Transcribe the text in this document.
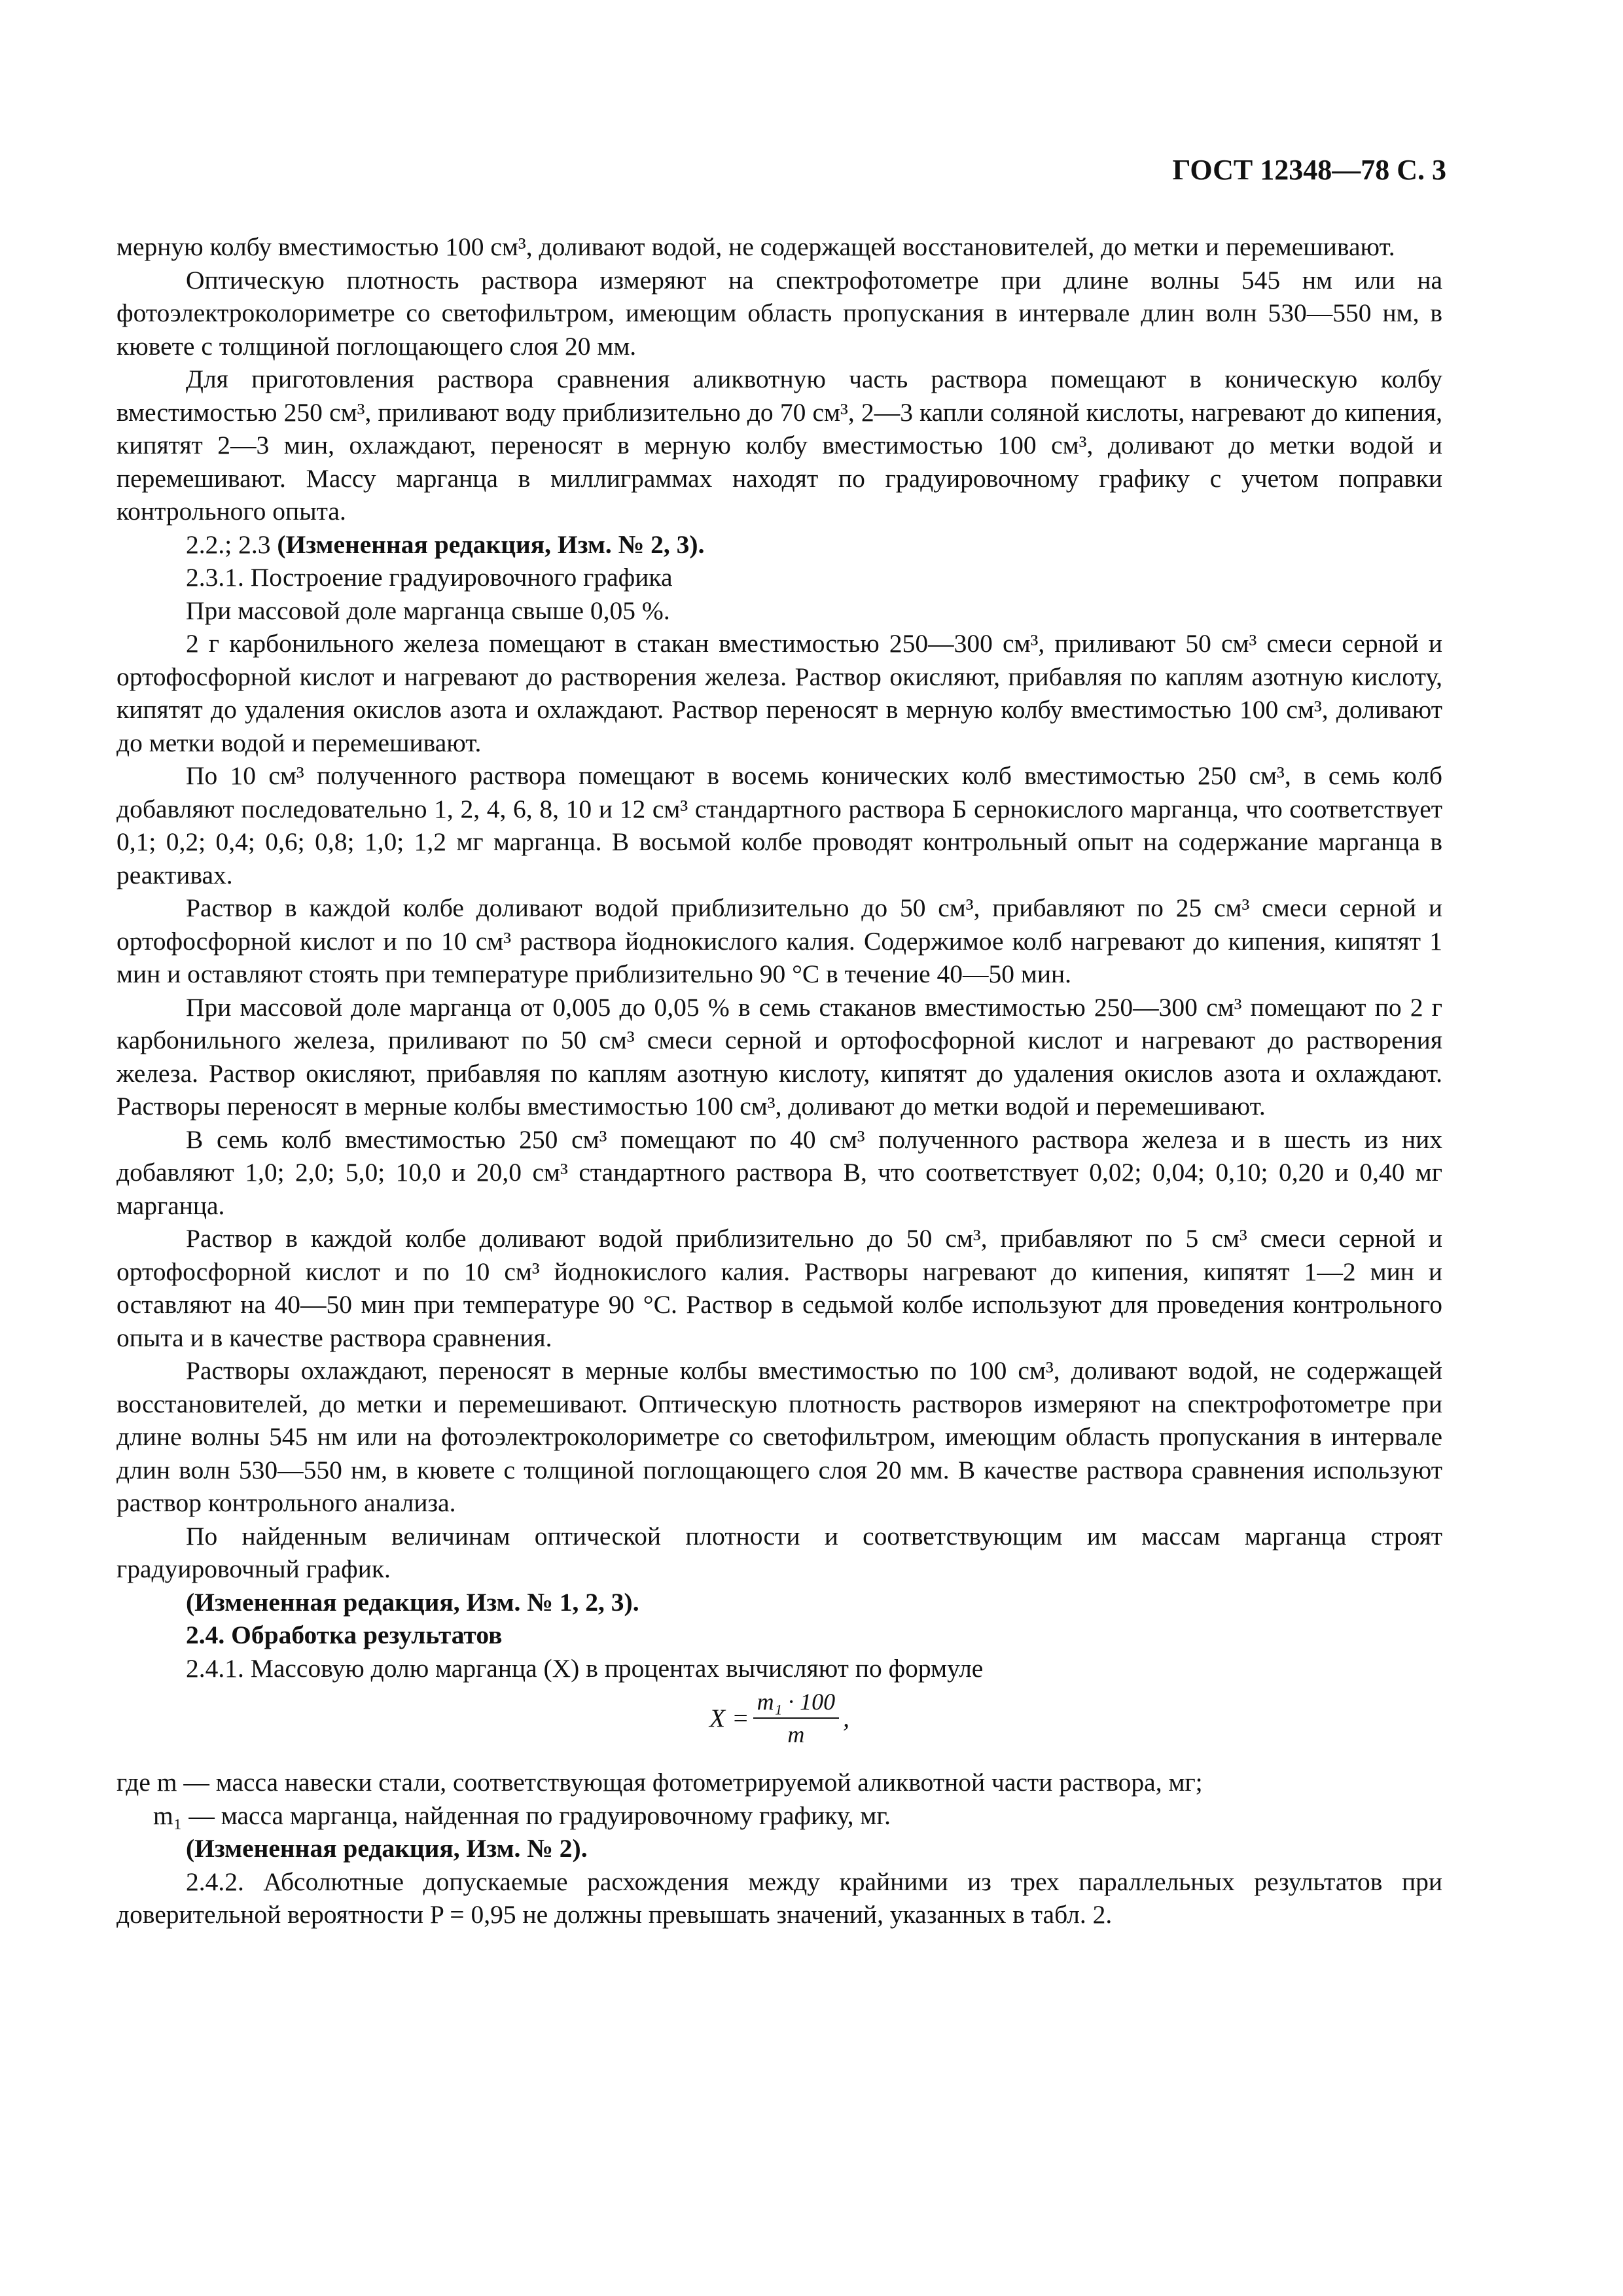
ГОСТ 12348—78 С. 3

мерную колбу вместимостью 100 см³, доливают водой, не содержащей восстановителей, до метки и перемешивают.

Оптическую плотность раствора измеряют на спектрофотометре при длине волны 545 нм или на фотоэлектроколориметре со светофильтром, имеющим область пропускания в интервале длин волн 530—550 нм, в кювете с толщиной поглощающего слоя 20 мм.

Для приготовления раствора сравнения аликвотную часть раствора помещают в коническую колбу вместимостью 250 см³, приливают воду приблизительно до 70 см³, 2—3 капли соляной кислоты, нагревают до кипения, кипятят 2—3 мин, охлаждают, переносят в мерную колбу вместимостью 100 см³, доливают до метки водой и перемешивают. Массу марганца в миллиграммах находят по градуировочному графику с учетом поправки контрольного опыта.

2.2.; 2.3 (Измененная редакция, Изм. № 2, 3).

2.3.1. Построение градуировочного графика

При массовой доле марганца свыше 0,05 %.

2 г карбонильного железа помещают в стакан вместимостью 250—300 см³, приливают 50 см³ смеси серной и ортофосфорной кислот и нагревают до растворения железа. Раствор окисляют, прибавляя по каплям азотную кислоту, кипятят до удаления окислов азота и охлаждают. Раствор переносят в мерную колбу вместимостью 100 см³, доливают до метки водой и перемешивают.

По 10 см³ полученного раствора помещают в восемь конических колб вместимостью 250 см³, в семь колб добавляют последовательно 1, 2, 4, 6, 8, 10 и 12 см³ стандартного раствора Б сернокислого марганца, что соответствует 0,1; 0,2; 0,4; 0,6; 0,8; 1,0; 1,2 мг марганца. В восьмой колбе проводят контрольный опыт на содержание марганца в реактивах.

Раствор в каждой колбе доливают водой приблизительно до 50 см³, прибавляют по 25 см³ смеси серной и ортофосфорной кислот и по 10 см³ раствора йоднокислого калия. Содержимое колб нагревают до кипения, кипятят 1 мин и оставляют стоять при температуре приблизительно 90 °С в течение 40—50 мин.

При массовой доле марганца от 0,005 до 0,05 % в семь стаканов вместимостью 250—300 см³ помещают по 2 г карбонильного железа, приливают по 50 см³ смеси серной и ортофосфорной кислот и нагревают до растворения железа. Раствор окисляют, прибавляя по каплям азотную кислоту, кипятят до удаления окислов азота и охлаждают. Растворы переносят в мерные колбы вместимостью 100 см³, доливают до метки водой и перемешивают.

В семь колб вместимостью 250 см³ помещают по 40 см³ полученного раствора железа и в шесть из них добавляют 1,0; 2,0; 5,0; 10,0 и 20,0 см³ стандартного раствора В, что соответствует 0,02; 0,04; 0,10; 0,20 и 0,40 мг марганца.

Раствор в каждой колбе доливают водой приблизительно до 50 см³, прибавляют по 5 см³ смеси серной и ортофосфорной кислот и по 10 см³ йоднокислого калия. Растворы нагревают до кипения, кипятят 1—2 мин и оставляют на 40—50 мин при температуре 90 °С. Раствор в седьмой колбе используют для проведения контрольного опыта и в качестве раствора сравнения.

Растворы охлаждают, переносят в мерные колбы вместимостью по 100 см³, доливают водой, не содержащей восстановителей, до метки и перемешивают. Оптическую плотность растворов измеряют на спектрофотометре при длине волны 545 нм или на фотоэлектроколориметре со светофильтром, имеющим область пропускания в интервале длин волн 530—550 нм, в кювете с толщиной поглощающего слоя 20 мм. В качестве раствора сравнения используют раствор контрольного анализа.

По найденным величинам оптической плотности и соответствующим им массам марганца строят градуировочный график.

(Измененная редакция, Изм. № 1, 2, 3).

2.4. Обработка результатов

2.4.1. Массовую долю марганца (X) в процентах вычисляют по формуле

$X = \frac{\text{m₁ · 100}}{m}$ ,

где m — масса навески стали, соответствующая фотометрируемой аликвотной части раствора, мг;

m₁ — масса марганца, найденная по градуировочному графику, мг.

(Измененная редакция, Изм. № 2).

2.4.2. Абсолютные допускаемые расхождения между крайними из трех параллельных результатов при доверительной вероятности P = 0,95 не должны превышать значений, указанных в табл. 2.
